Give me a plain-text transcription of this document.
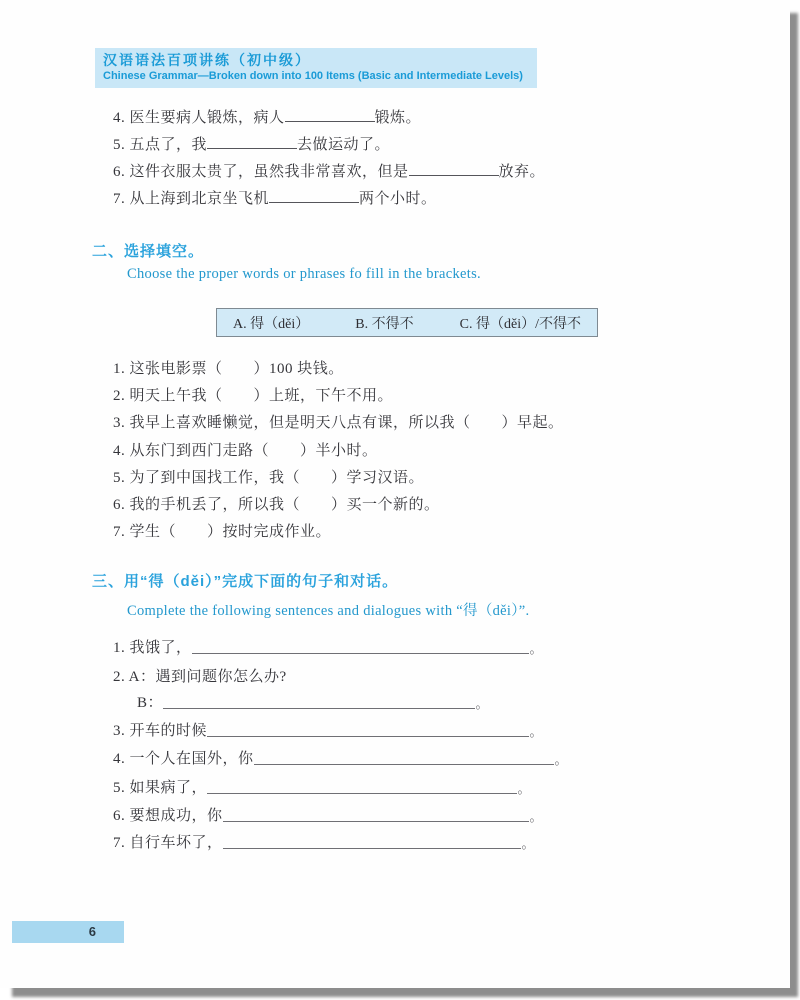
汉语语法百项讲练（初中级）
Chinese Grammar—Broken down into 100 Items (Basic and Intermediate Levels)
4. 医生要病人锻炼，病人	锻炼。
5. 五点了，我	去做运动了。
6. 这件衣服太贵了，虽然我非常喜欢，但是	放弃。
7. 从上海到北京坐飞机	两个小时。
二、选择填空。
Choose the proper words or phrases fo fill in the brackets.
A. 得（děi）	B. 不得不	C. 得（děi）/不得不
1. 这张电影票（　　）100 块钱。
2. 明天上午我（　　）上班，下午不用。
3. 我早上喜欢睡懒觉，但是明天八点有课，所以我（　　）早起。
4. 从东门到西门走路（　　）半小时。
5. 为了到中国找工作，我（　　）学习汉语。
6. 我的手机丢了，所以我（　　）买一个新的。
7. 学生（　　）按时完成作业。
三、用“得（děi）”完成下面的句子和对话。
Complete the following sentences and dialogues with “得（děi）”.
1. 我饿了，	。
2. A：遇到问题你怎么办?
B：	。
3. 开车的时候	。
4. 一个人在国外，你	。
5. 如果病了，	。
6. 要想成功，你	。
7. 自行车坏了，	。
6
